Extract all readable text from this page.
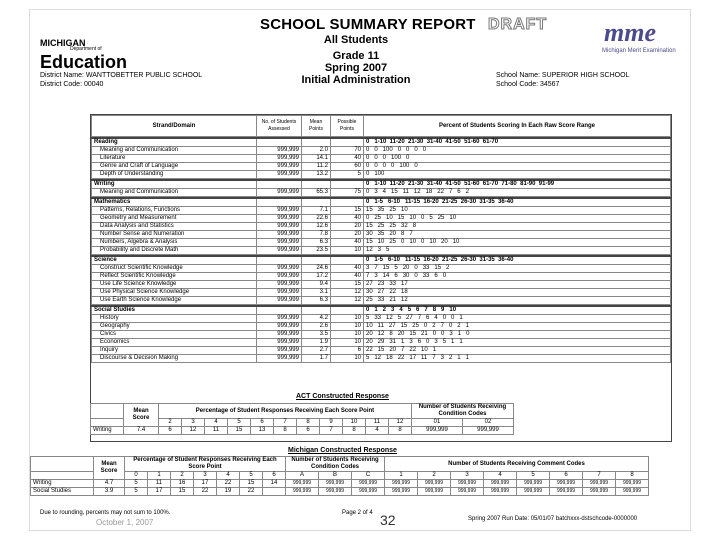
MICHIGAN
Department of
Education
SCHOOL SUMMARY REPORT
All Students
Grade 11
Spring 2007
Initial Administration
DRAFT mme
Michigan Merit Examination
District Name: WANTTOBETTER PUBLIC SCHOOL
District Code: 00040
School Name: SUPERIOR HIGH SCHOOL
School Code: 34567
Strand/Domain	No. of Students Assessed	Mean Points	Possible Points	Percent of Students Scoring In Each Raw Score Range
Reading				0   1-10  11-20  21-30  31-40  41-50  51-60  61-70
Meaning and Communication	999,999	2.0	70	0   0   100   0   0   0   0
Literature	999,999	14.1	40	0   0   0   100   0
Genre and Craft of Language	999,999	11.2	60	0   0   0   0   100   0
Depth of Understanding	999,999	13.2	5	0   100
Writing				0   1-10  11-20  21-30  31-40  41-50  51-60  61-70  71-80  81-90  91-99
Meaning and Communication	999,999	65.3	75	0   3   4   15   11   12   18   22   7   6   2
Mathematics				0   1-5   6-10   11-15  16-20  21-25  26-30  31-35  36-40
Patterns, Relations, Functions	999,999	7.1	15	15   35   25   10
Geometry and Measurement	999,999	22.6	40	0   25   10   15   10   0   5   25   10
Data Analysis and Statistics	999,999	12.6	20	15   25   25   32   8
Number Sense and Numeration	999,999	7.8	20	30   35   20   8   7
Numbers, Algebra & Analysis	999,999	6.3	40	15   10   25   0   10   0   10   20   10
Probability and Discrete Math	999,999	23.5	10	12   3   5
Science				0   1-5   6-10   11-15  16-20  21-25  26-30  31-35  36-40
Construct Scientific Knowledge	999,999	24.6	40	3   7   15   5   20   0   33   15   2
Reflect Scientific Knowledge	999,999	17.2	40	7   3   14   6   30   0   33   6   0
Use Life Science Knowledge	999,999	9.4	15	27   23   33   17
Use Physical Science Knowledge	999,999	3.1	12	30   27   22   18
Use Earth Science Knowledge	999,999	6.3	12	25   33   21   12
Social Studies				0   1   2   3   4   5   6   7   8   9   10
History	999,999	4.2	10	5   33   12   5   27   7   6   4   0   0   1
Geography	999,999	2.6	10	10   11   27   15   25   0   2   7   0   2   1
Civics	999,999	3.5	10	20   12   8   20   15   21   0   0   3   1   0
Economics	999,999	1.9	10	20   29   31   1   3   6   0   3   5   1   1
Inquiry	999,999	2.7	6	22   15   20   7   22   10   1
Discourse & Decision Making	999,999	1.7	10	5   12   18   22   17   11   7   3   2   1   1
ACT Constructed Response
	Mean Score	Percentage of Student Responses Receiving Each Score Point											Number of Students Receiving Condition Codes	
		2	3	4	5	6	7	8	9	10	11	12	01	02
Writing	7.4	6	12	11	15	13	8	6	7	8	4	8	999,999	999,999
Michigan Constructed Response
	Mean Score	Percentage of Student Responses Receiving Each Score Point							Number of Students Receiving Condition Codes			Number of Students Receiving Comment Codes							
		0	1	2	3	4	5	6	A	B	C	1	2	3	4	5	6	7	8
Writing	4.7	5	11	16	17	22	15	14	999,999	999,999	999,999	999,999	999,999	999,999	999,999	999,999	999,999	999,999	999,999
Social Studies	3.9	5	17	15	22	19	22		999,999	999,999	999,999	999,999	999,999	999,999	999,999	999,999	999,999	999,999	999,999
Due to rounding, percents may not sum to 100%.	Page 2 of 4
Spring 2007 Run Date: 05/01/07 batchxxx-dstschcode-0000000
October 1, 2007	32
